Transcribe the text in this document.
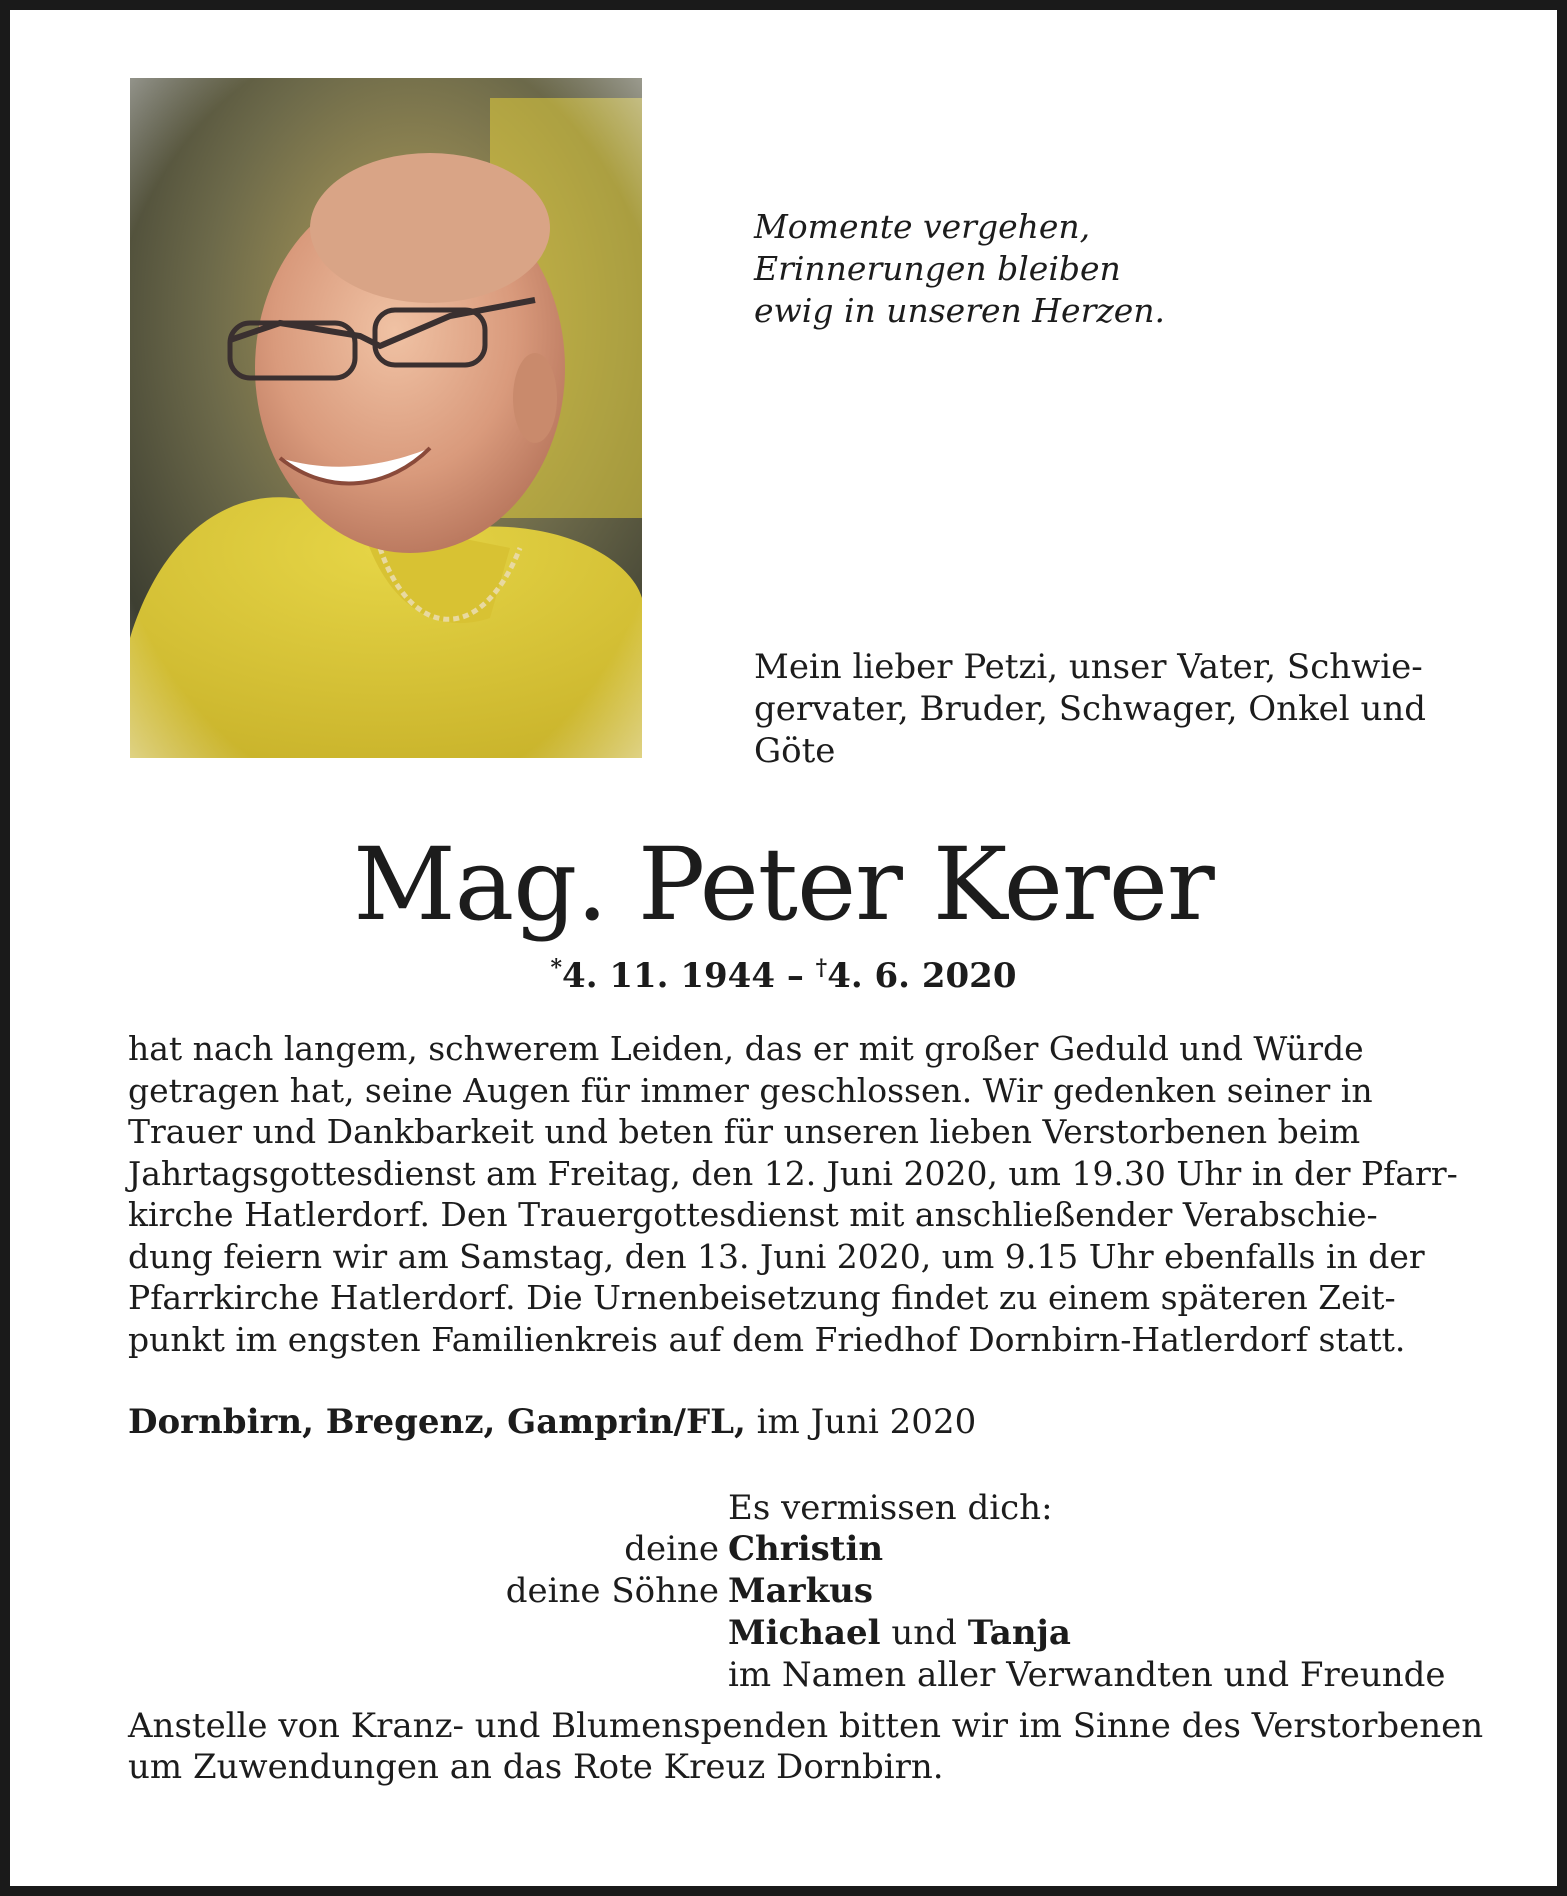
Momente vergehen,
Erinnerungen bleiben
ewig in unseren Herzen.
Mein lieber Petzi, unser Vater, Schwie-
gervater, Bruder, Schwager, Onkel und
Göte
Mag. Peter Kerer
*4. 11. 1944 – †4. 6. 2020
hat nach langem, schwerem Leiden, das er mit großer Geduld und Würde
getragen hat, seine Augen für immer geschlossen. Wir gedenken seiner in
Trauer und Dankbarkeit und beten für unseren lieben Verstorbenen beim
Jahrtagsgottesdienst am Freitag, den 12. Juni 2020, um 19.30 Uhr in der Pfarr-
kirche Hatlerdorf. Den Trauergottesdienst mit anschließender Verabschie-
dung feiern wir am Samstag, den 13. Juni 2020, um 9.15 Uhr ebenfalls in der
Pfarrkirche Hatlerdorf. Die Urnenbeisetzung findet zu einem späteren Zeit-
punkt im engsten Familienkreis auf dem Friedhof Dornbirn-Hatlerdorf statt.
Dornbirn, Bregenz, Gamprin/FL, im Juni 2020
Es vermissen dich:
deine Christin
deine Söhne Markus
Michael und Tanja
im Namen aller Verwandten und Freunde
Anstelle von Kranz- und Blumenspenden bitten wir im Sinne des Verstorbenen
um Zuwendungen an das Rote Kreuz Dornbirn.
